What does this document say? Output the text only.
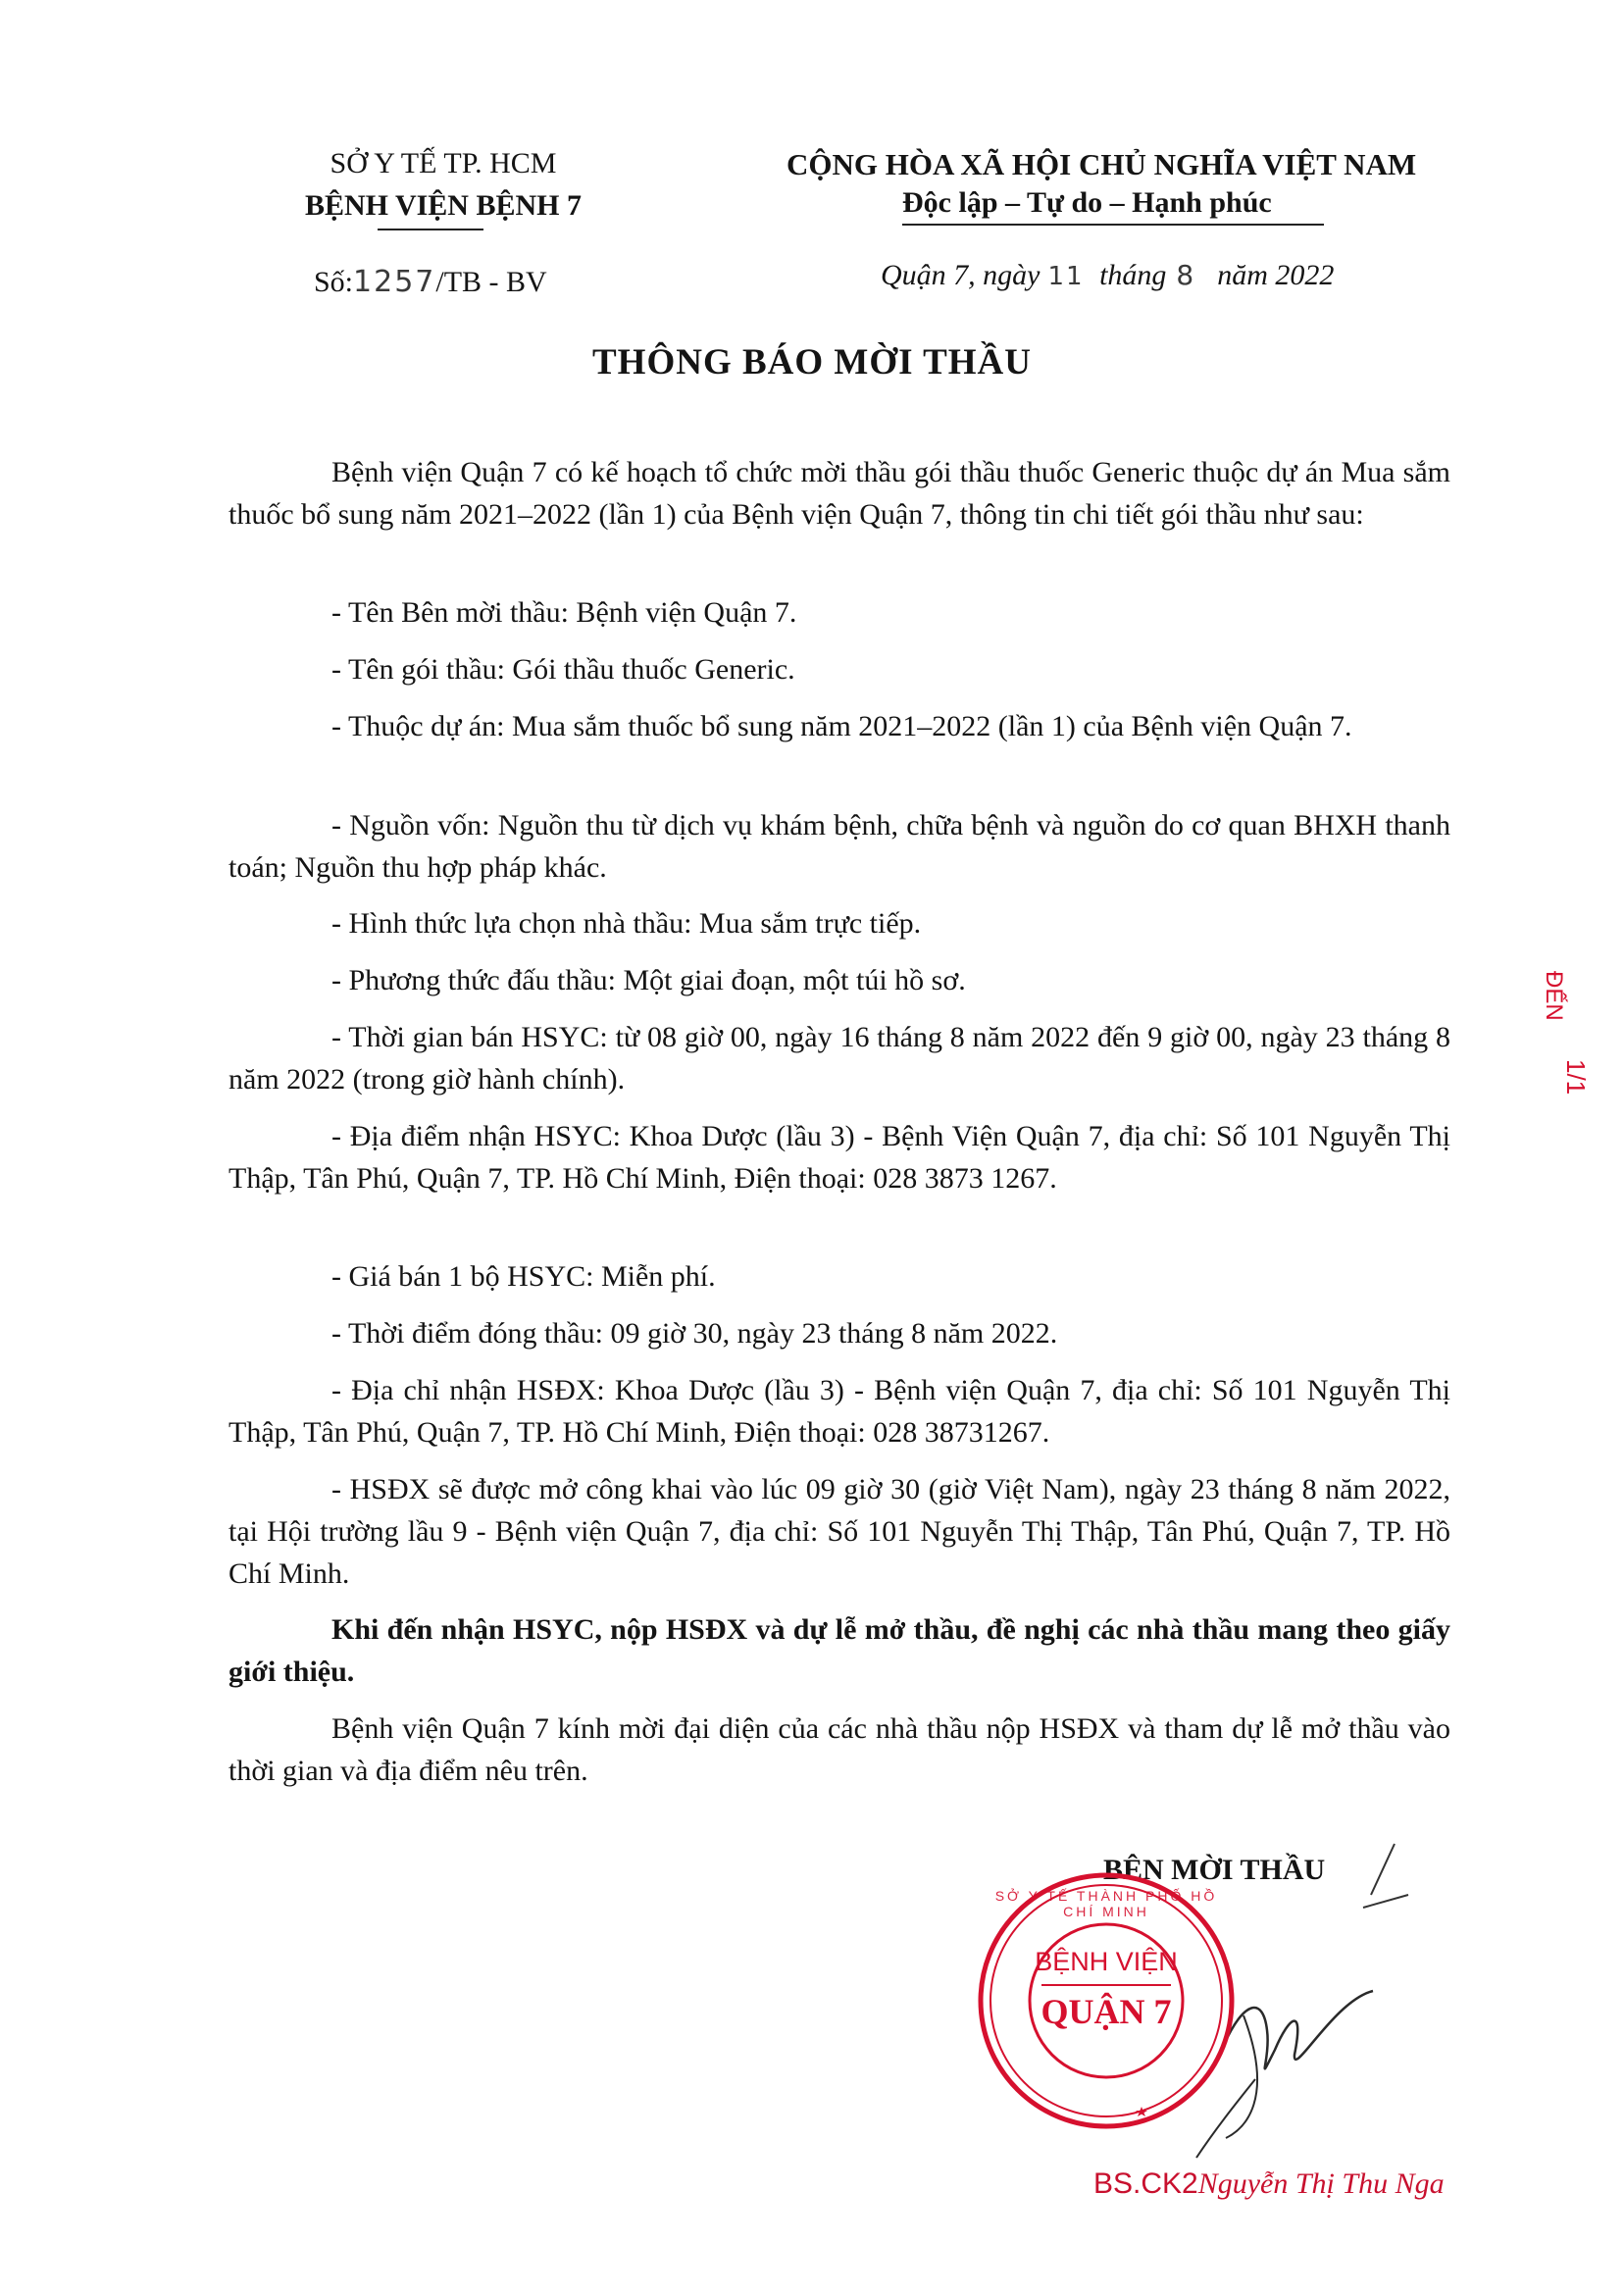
SỞ Y TẾ TP. HCM
BỆNH VIỆN BỆNH 7
CỘNG HÒA XÃ HỘI CHỦ NGHĨA VIỆT NAM
Độc lập – Tự do – Hạnh phúc
Số:1257/TB - BV	Quận 7, ngày 11 tháng 8 năm 2022
THÔNG BÁO MỜI THẦU
Bệnh viện Quận 7 có kế hoạch tổ chức mời thầu gói thầu thuốc Generic thuộc dự án Mua sắm thuốc bổ sung năm 2021–2022 (lần 1) của Bệnh viện Quận 7, thông tin chi tiết gói thầu như sau:
- Tên Bên mời thầu: Bệnh viện Quận 7.
- Tên gói thầu: Gói thầu thuốc Generic.
- Thuộc dự án: Mua sắm thuốc bổ sung năm 2021–2022 (lần 1) của Bệnh viện Quận 7.
- Nguồn vốn: Nguồn thu từ dịch vụ khám bệnh, chữa bệnh và nguồn do cơ quan BHXH thanh toán; Nguồn thu hợp pháp khác.
- Hình thức lựa chọn nhà thầu: Mua sắm trực tiếp.
- Phương thức đấu thầu: Một giai đoạn, một túi hồ sơ.
- Thời gian bán HSYC: từ 08 giờ 00, ngày 16 tháng 8 năm 2022 đến 9 giờ 00, ngày 23 tháng 8 năm 2022 (trong giờ hành chính).
- Địa điểm nhận HSYC: Khoa Dược (lầu 3) - Bệnh Viện Quận 7, địa chỉ: Số 101 Nguyễn Thị Thập, Tân Phú, Quận 7, TP. Hồ Chí Minh, Điện thoại: 028 3873 1267.
- Giá bán 1 bộ HSYC: Miễn phí.
- Thời điểm đóng thầu: 09 giờ 30, ngày 23 tháng 8 năm 2022.
- Địa chỉ nhận HSĐX: Khoa Dược (lầu 3) - Bệnh viện Quận 7, địa chỉ: Số 101 Nguyễn Thị Thập, Tân Phú, Quận 7, TP. Hồ Chí Minh, Điện thoại: 028 38731267.
- HSĐX sẽ được mở công khai vào lúc 09 giờ 30 (giờ Việt Nam), ngày 23 tháng 8 năm 2022, tại Hội trường lầu 9 - Bệnh viện Quận 7, địa chỉ: Số 101 Nguyễn Thị Thập, Tân Phú, Quận 7, TP. Hồ Chí Minh.
Khi đến nhận HSYC, nộp HSĐX và dự lễ mở thầu, đề nghị các nhà thầu mang theo giấy giới thiệu.
Bệnh viện Quận 7 kính mời đại diện của các nhà thầu nộp HSĐX và tham dự lễ mở thầu vào thời gian và địa điểm nêu trên.
BÊN MỜI THẦU
BỆNH VIỆN
QUẬN 7
SỞ Y TẾ THÀNH PHỐ HỒ CHÍ MINH
BS.CK2Nguyễn Thị Thu Nga
ĐẾN
1/1
